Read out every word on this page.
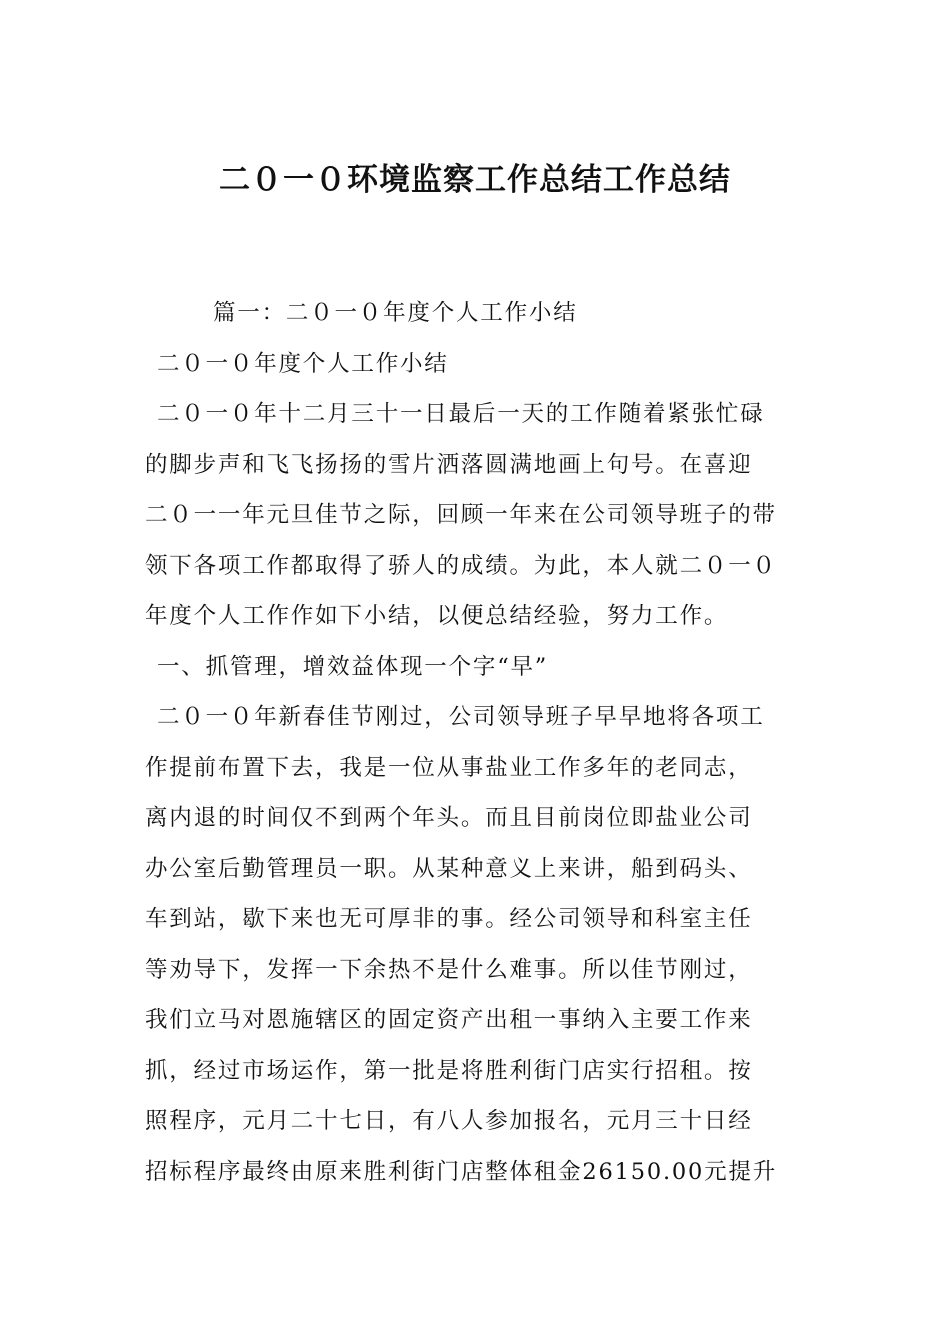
二０一０环境监察工作总结工作总结

篇一：二０一０年度个人工作小结

二０一０年度个人工作小结

二０一０年十二月三十一日最后一天的工作随着紧张忙碌

的脚步声和飞飞扬扬的雪片洒落圆满地画上句号。在喜迎

二０一一年元旦佳节之际，回顾一年来在公司领导班子的带

领下各项工作都取得了骄人的成绩。为此，本人就二０一０

年度个人工作作如下小结，以便总结经验，努力工作。

一、抓管理，增效益体现一个字“早”

二０一０年新春佳节刚过，公司领导班子早早地将各项工

作提前布置下去，我是一位从事盐业工作多年的老同志，

离内退的时间仅不到两个年头。而且目前岗位即盐业公司

办公室后勤管理员一职。从某种意义上来讲，船到码头、

车到站，歇下来也无可厚非的事。经公司领导和科室主任

等劝导下，发挥一下余热不是什么难事。所以佳节刚过，

我们立马对恩施辖区的固定资产出租一事纳入主要工作来

抓，经过市场运作，第一批是将胜利街门店实行招租。按

照程序，元月二十七日，有八人参加报名，元月三十日经

招标程序最终由原来胜利街门店整体租金26150.00元提升
